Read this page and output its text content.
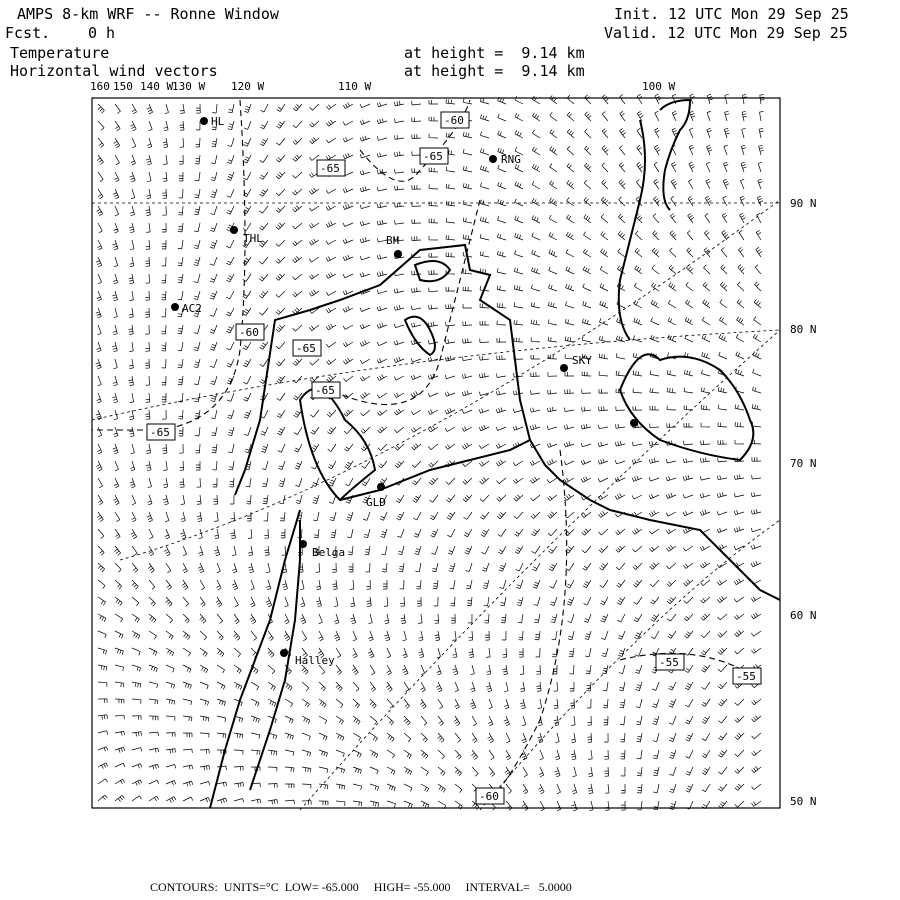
AMPS 8-km WRF -- Ronne Window
Fcst.	0 h
Init. 12 UTC Mon 29 Sep 25
Valid. 12 UTC Mon 29 Sep 25
Temperature	at height =  9.14 km
Horizontal wind vectors	at height =  9.14 km
HL
RNG
THL	BH
AC2
SKY
GLD
Belga
Halley
-60
-65
-65
-60
-65
-65
-65
-55
-55
-60
160 150 140 W
130 W 120 W	110 W	100 W
90 N
80 N
70 N
60 N
50 N
CONTOURS:  UNITS=°C  LOW= -65.000     HIGH= -55.000     INTERVAL=   5.0000
